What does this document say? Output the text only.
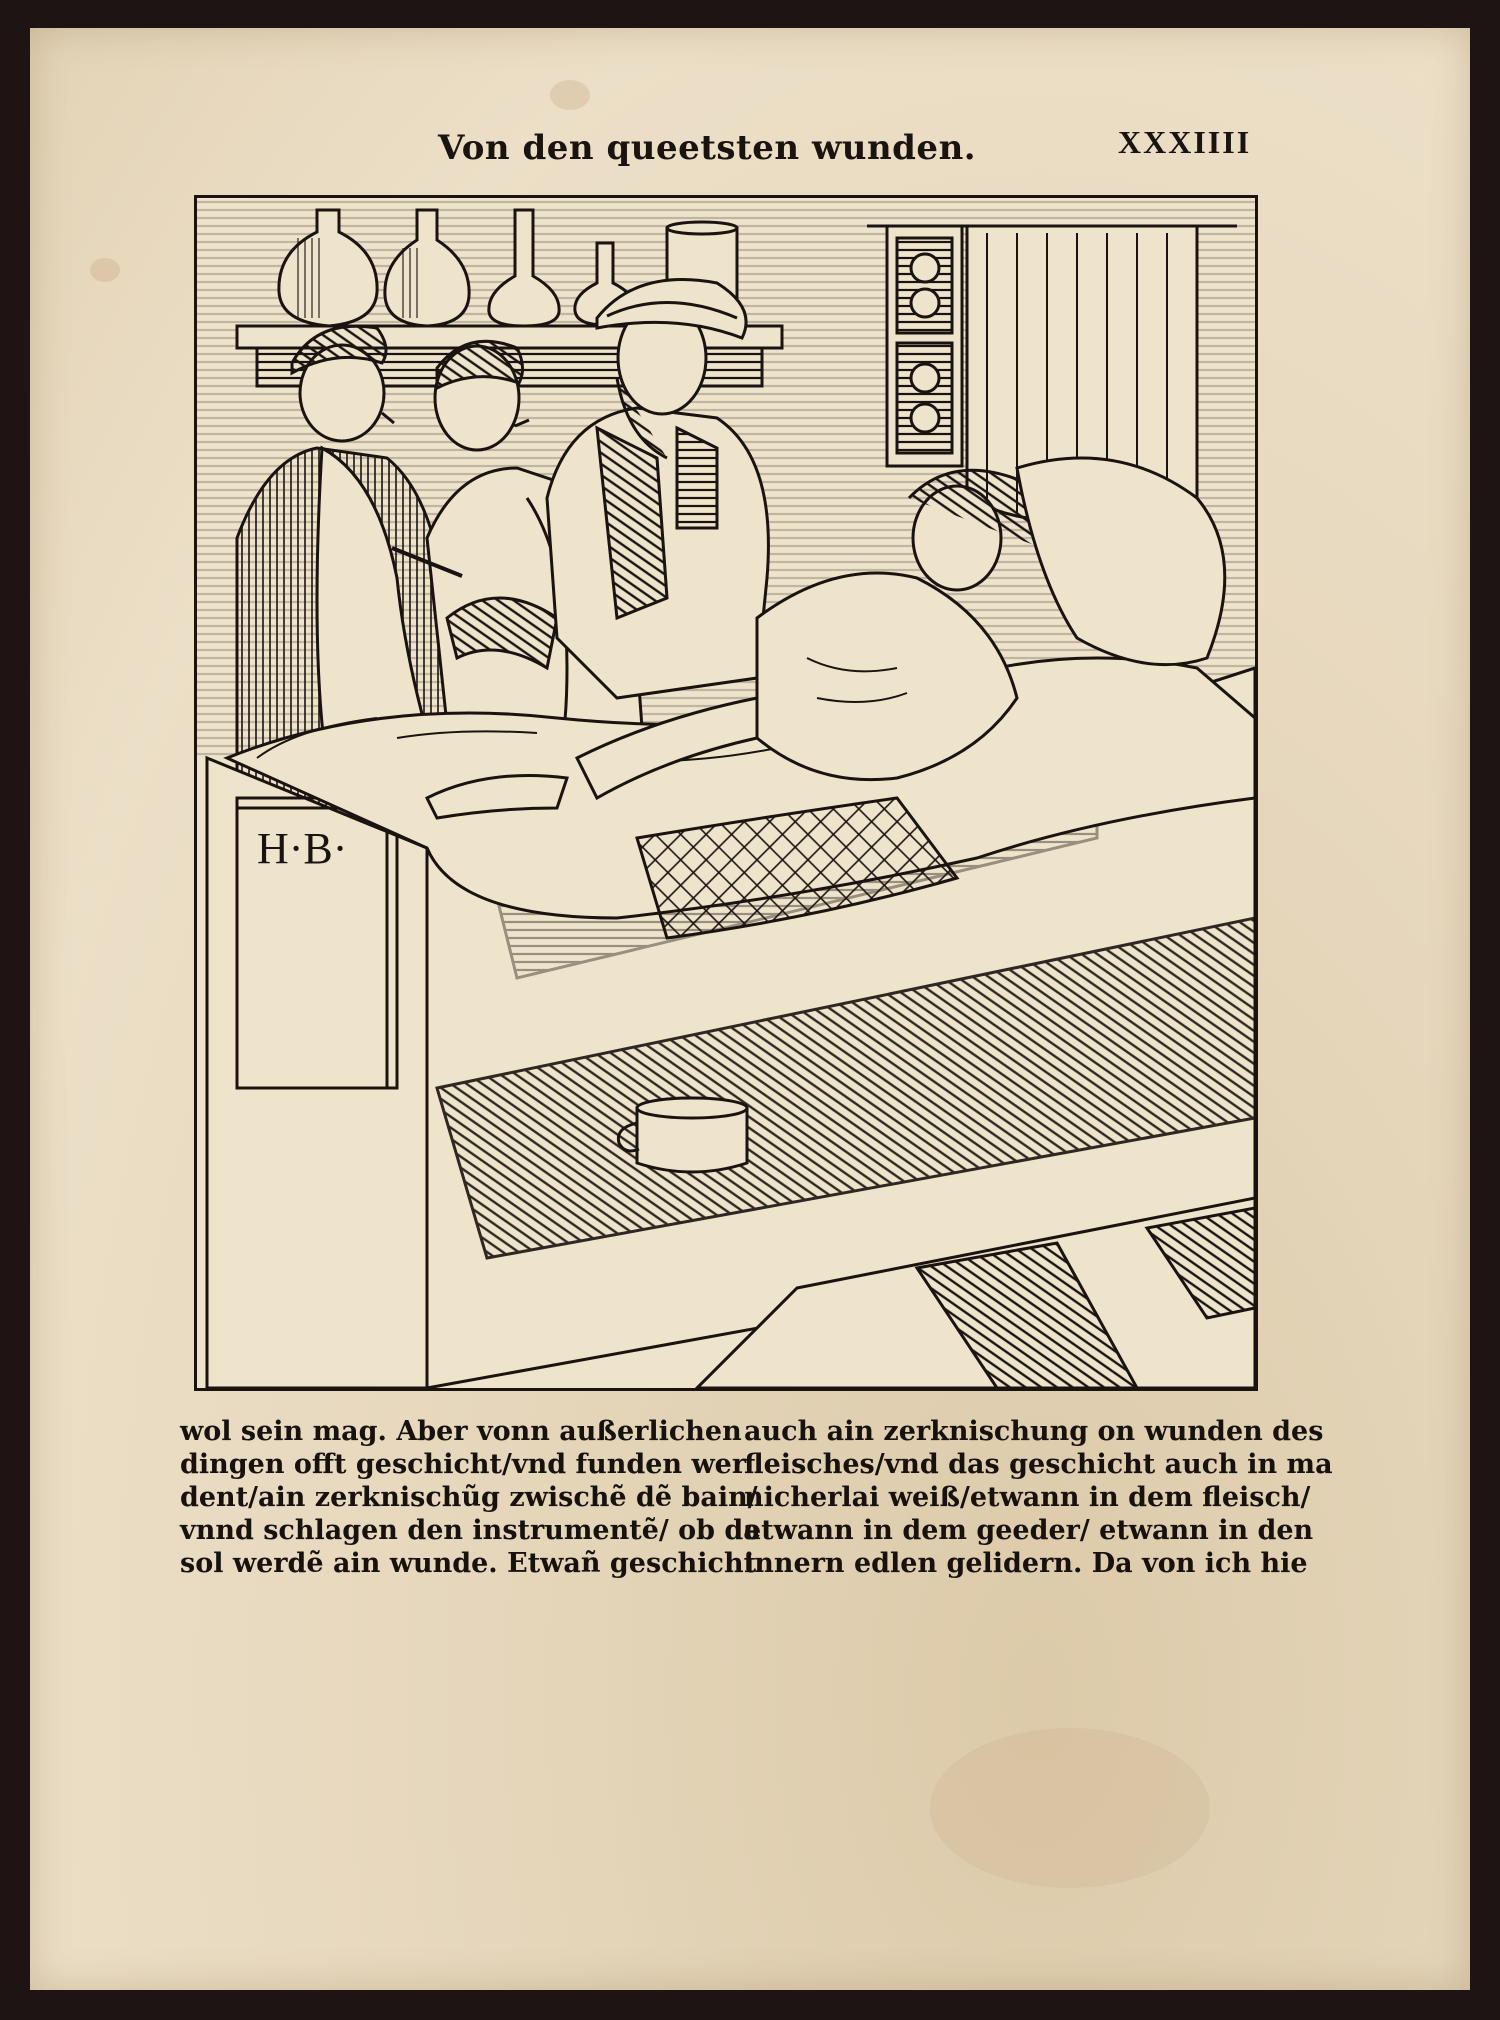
Von den queetsten wunden.	XXXIIII
H·B·
wol sein mag. Aber vonn außerlichen
dingen offt geschicht/vnd funden wer
dent/ain zerknischũg zwischẽ dẽ bain/
vnnd schlagen den instrumentẽ/ ob da
sol werdẽ ain wunde. Etwañ geschicht
auch ain zerknischung on wunden des
fleisches/vnd das geschicht auch in ma
nicherlai weiß/etwann in dem fleisch/
etwann in dem geeder/ etwann in den
innern edlen gelidern. Da von ich hie
